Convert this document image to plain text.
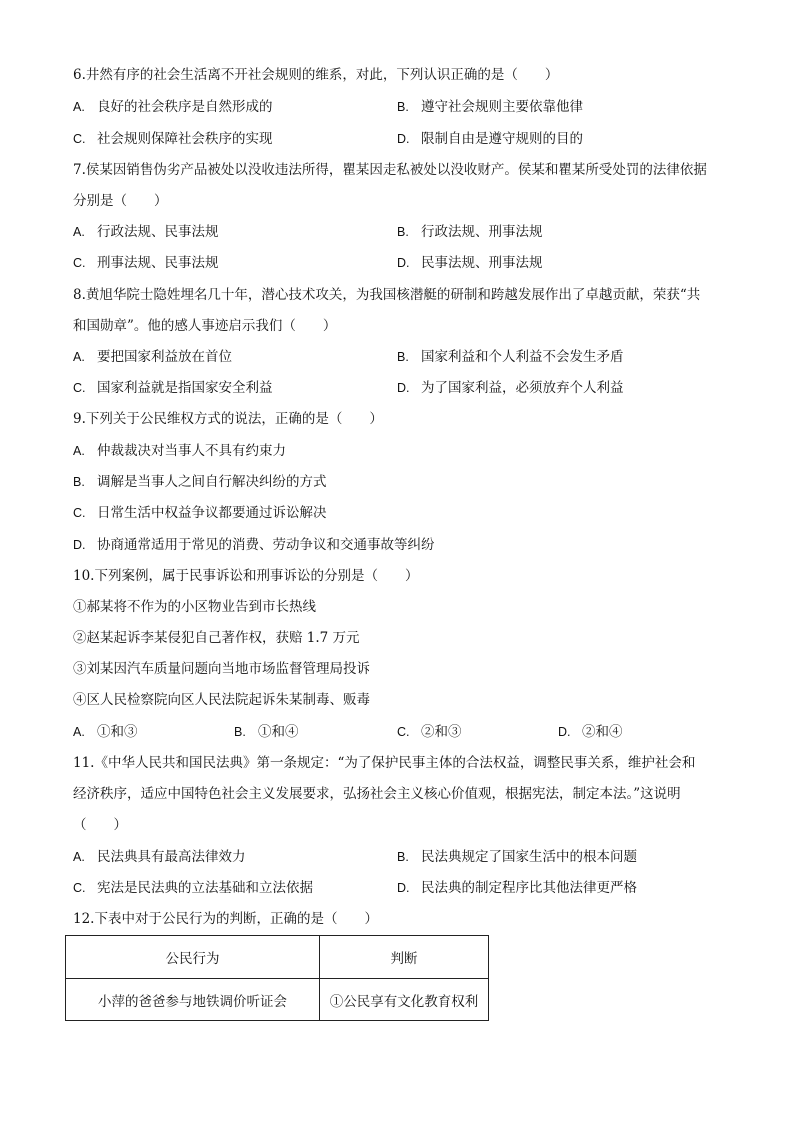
6.井然有序的社会生活离不开社会规则的维系，对此，下列认识正确的是（　　）
A. 良好的社会秩序是自然形成的	B. 遵守社会规则主要依靠他律
C. 社会规则保障社会秩序的实现	D. 限制自由是遵守规则的目的
7.侯某因销售伪劣产品被处以没收违法所得，瞿某因走私被处以没收财产。侯某和瞿某所受处罚的法律依据
分别是（　　）
A. 行政法规、民事法规	B. 行政法规、刑事法规
C. 刑事法规、民事法规	D. 民事法规、刑事法规
8.黄旭华院士隐姓埋名几十年，潜心技术攻关，为我国核潜艇的研制和跨越发展作出了卓越贡献，荣获“共
和国勋章”。他的感人事迹启示我们（　　）
A. 要把国家利益放在首位	B. 国家利益和个人利益不会发生矛盾
C. 国家利益就是指国家安全利益	D. 为了国家利益，必须放弃个人利益
9.下列关于公民维权方式的说法，正确的是（　　）
A. 仲裁裁决对当事人不具有约束力
B. 调解是当事人之间自行解决纠纷的方式
C. 日常生活中权益争议都要通过诉讼解决
D. 协商通常适用于常见的消费、劳动争议和交通事故等纠纷
10.下列案例，属于民事诉讼和刑事诉讼的分别是（　　）
①郝某将不作为的小区物业告到市长热线
②赵某起诉李某侵犯自己著作权，获赔 1.7 万元
③刘某因汽车质量问题向当地市场监督管理局投诉
④区人民检察院向区人民法院起诉朱某制毒、贩毒
A. ①和③	B. ①和④	C. ②和③	D. ②和④
11.《中华人民共和国民法典》第一条规定：“为了保护民事主体的合法权益，调整民事关系，维护社会和
经济秩序，适应中国特色社会主义发展要求，弘扬社会主义核心价值观，根据宪法，制定本法。”这说明
（　　）
A. 民法典具有最高法律效力	B. 民法典规定了国家生活中的根本问题
C. 宪法是民法典的立法基础和立法依据	D. 民法典的制定程序比其他法律更严格
12.下表中对于公民行为的判断，正确的是（　　）
公民行为	判断
小萍的爸爸参与地铁调价听证会	①公民享有文化教育权利
